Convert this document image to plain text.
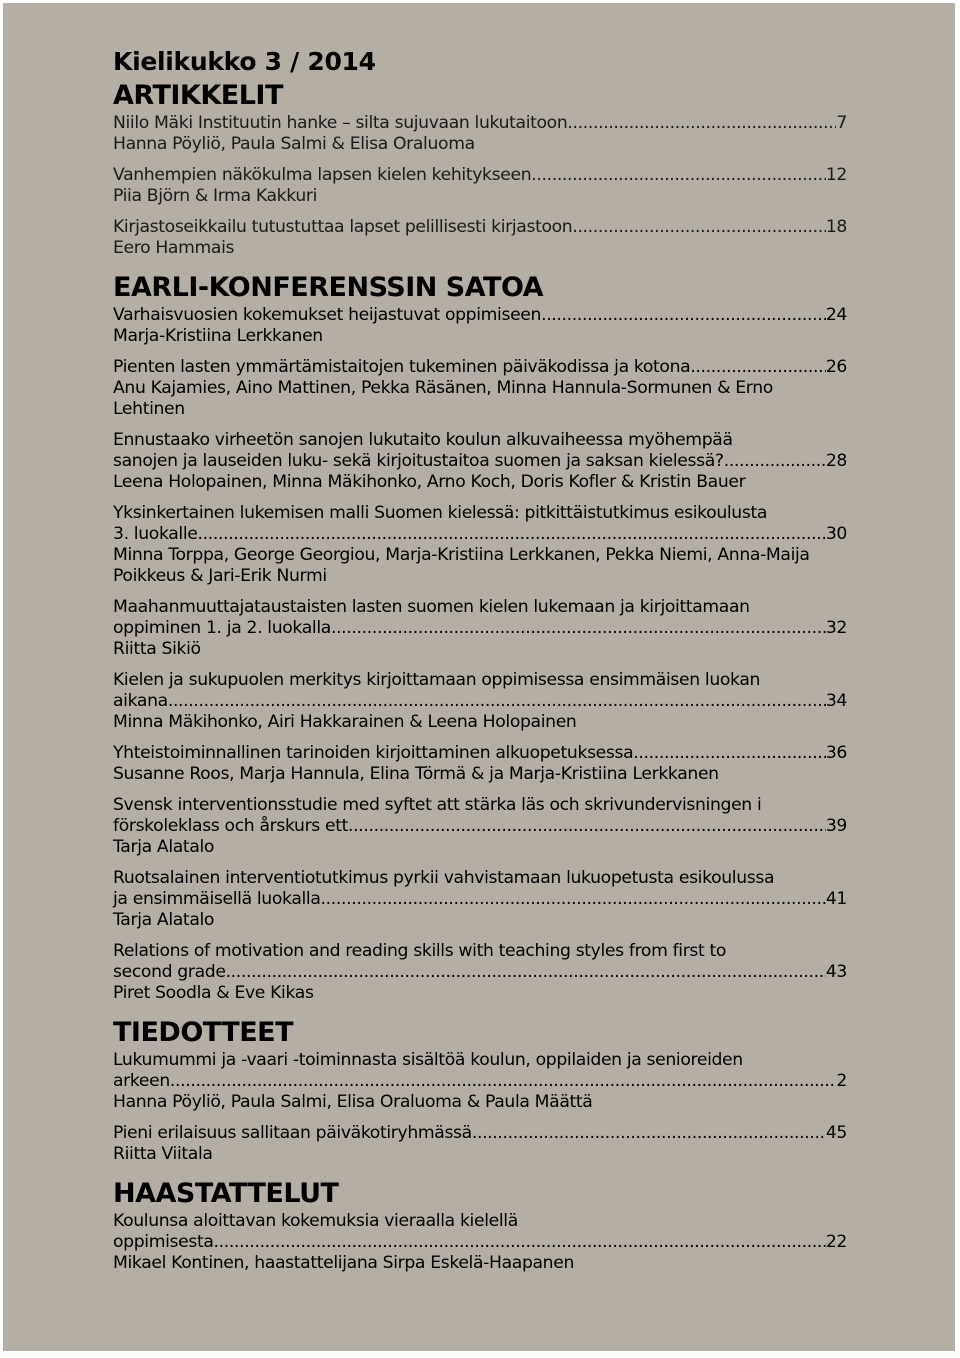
Kielikukko 3 / 2014
ARTIKKELIT
Niilo Mäki Instituutin hanke – silta sujuvaan lukutaitoon .....	7
Hanna Pöyliö, Paula Salmi & Elisa Oraluoma
Vanhempien näkökulma lapsen kielen kehitykseen .....	12
Piia Björn & Irma Kakkuri
Kirjastoseikkailu tutustuttaa lapset pelillisesti kirjastoon .....	18
Eero Hammais
EARLI-KONFERENSSIN SATOA
Varhaisvuosien kokemukset heijastuvat oppimiseen .....	24
Marja-Kristiina Lerkkanen
Pienten lasten ymmärtämistaitojen tukeminen päiväkodissa ja kotona .....	26
Anu Kajamies, Aino Mattinen, Pekka Räsänen, Minna Hannula-Sormunen & Erno Lehtinen
Ennustaako virheetön sanojen lukutaito koulun alkuvaiheessa myöhempää
sanojen ja lauseiden luku- sekä kirjoitustaitoa suomen ja saksan kielessä? .....	28
Leena Holopainen, Minna Mäkihonko, Arno Koch, Doris Kofler & Kristin Bauer
Yksinkertainen lukemisen malli Suomen kielessä: pitkittäistutkimus esikoulusta
3. luokalle .....	30
Minna Torppa, George Georgiou, Marja-Kristiina Lerkkanen, Pekka Niemi, Anna-Maija Poikkeus & Jari-Erik Nurmi
Maahanmuuttajataustaisten lasten suomen kielen lukemaan ja kirjoittamaan
oppiminen 1. ja 2. luokalla .....	32
Riitta Sikiö
Kielen ja sukupuolen merkitys kirjoittamaan oppimisessa ensimmäisen luokan
aikana .....	34
Minna Mäkihonko, Airi Hakkarainen & Leena Holopainen
Yhteistoiminnallinen tarinoiden kirjoittaminen alkuopetuksessa .....	36
Susanne Roos, Marja Hannula, Elina Törmä & ja Marja-Kristiina Lerkkanen
Svensk interventionsstudie med syftet att stärka läs och skrivundervisningen i
förskoleklass och årskurs ett .....	39
Tarja Alatalo
Ruotsalainen interventiotutkimus pyrkii vahvistamaan lukuopetusta esikoulussa
ja ensimmäisellä luokalla .....	41
Tarja Alatalo
Relations of motivation and reading skills with teaching styles from first to
second grade .....	43
Piret Soodla & Eve Kikas
TIEDOTTEET
Lukumummi ja -vaari -toiminnasta sisältöä koulun, oppilaiden ja senioreiden
arkeen .....	2
Hanna Pöyliö, Paula Salmi, Elisa Oraluoma & Paula Määttä
Pieni erilaisuus sallitaan päiväkotiryhmässä .....	45
Riitta Viitala
HAASTATTELUT
Koulunsa aloittavan kokemuksia vieraalla kielellä
oppimisesta .....	22
Mikael Kontinen, haastattelijana Sirpa Eskelä-Haapanen
